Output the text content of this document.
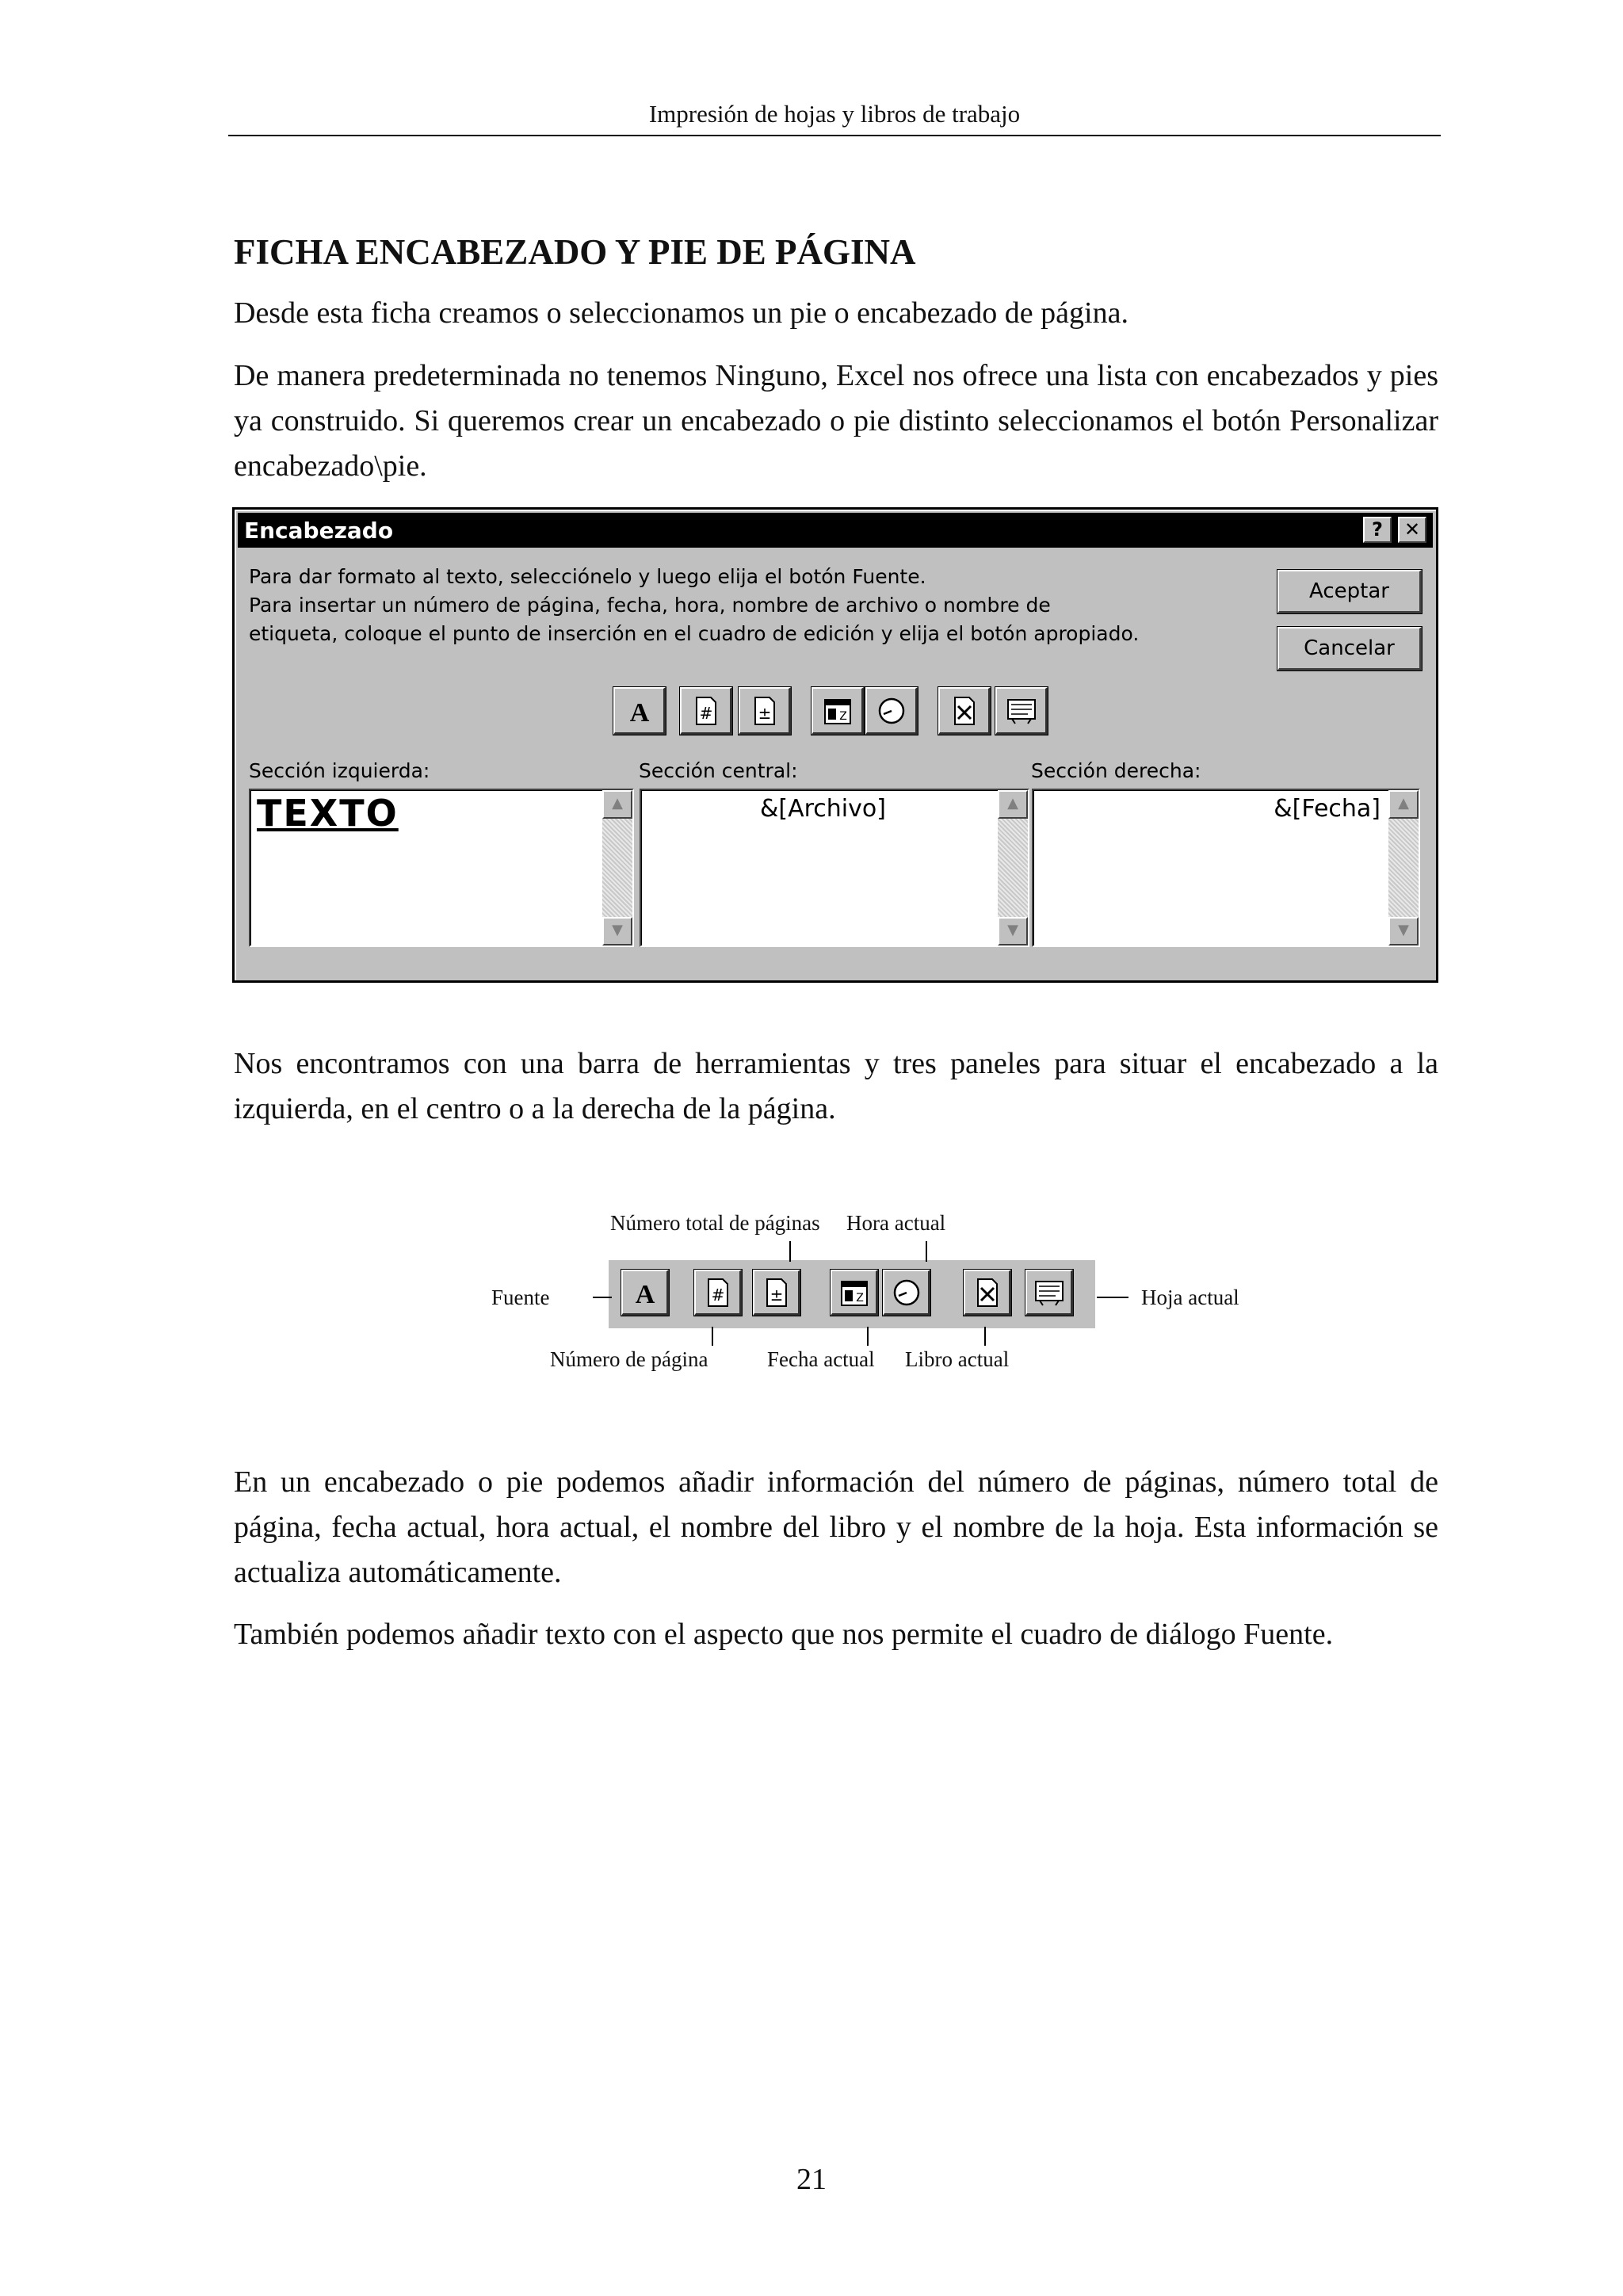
Impresión de hojas y libros de trabajo
FICHA ENCABEZADO Y PIE DE PÁGINA

Desde esta ficha creamos o seleccionamos un pie o encabezado de página.

De manera predeterminada no tenemos Ninguno, Excel nos ofrece una lista con encabezados y pies ya construido. Si queremos crear un encabezado o pie distinto seleccionamos el botón Personalizar encabezado\pie.

Encabezado	?	✕
Para dar formato al texto, selecciónelo y luego elija el botón Fuente.
Para insertar un número de página, fecha, hora, nombre de archivo o nombre de
etiqueta, coloque el punto de inserción en el cuadro de edición y elija el botón apropiado.
Aceptar
Cancelar
A	#	±	Z
Sección izquierda:	Sección central:	Sección derecha:
TEXTO	▲
▼
&[Archivo]	▲
▼
&[Fecha]	▲
▼

Nos encontramos con una barra de herramientas y tres paneles para situar el encabezado a la izquierda, en el centro o a la derecha de la página.

Número total de páginas Hora actual
Fuente	Hoja actual
Número de página	Fecha actual Libro actual
A	#	±	Z

En un encabezado o pie podemos añadir información del número de páginas, número total de página, fecha actual, hora actual, el nombre del libro y el nombre de la hoja. Esta información se actualiza automáticamente.

También podemos añadir texto con el aspecto que nos permite el cuadro de diálogo Fuente.

21
